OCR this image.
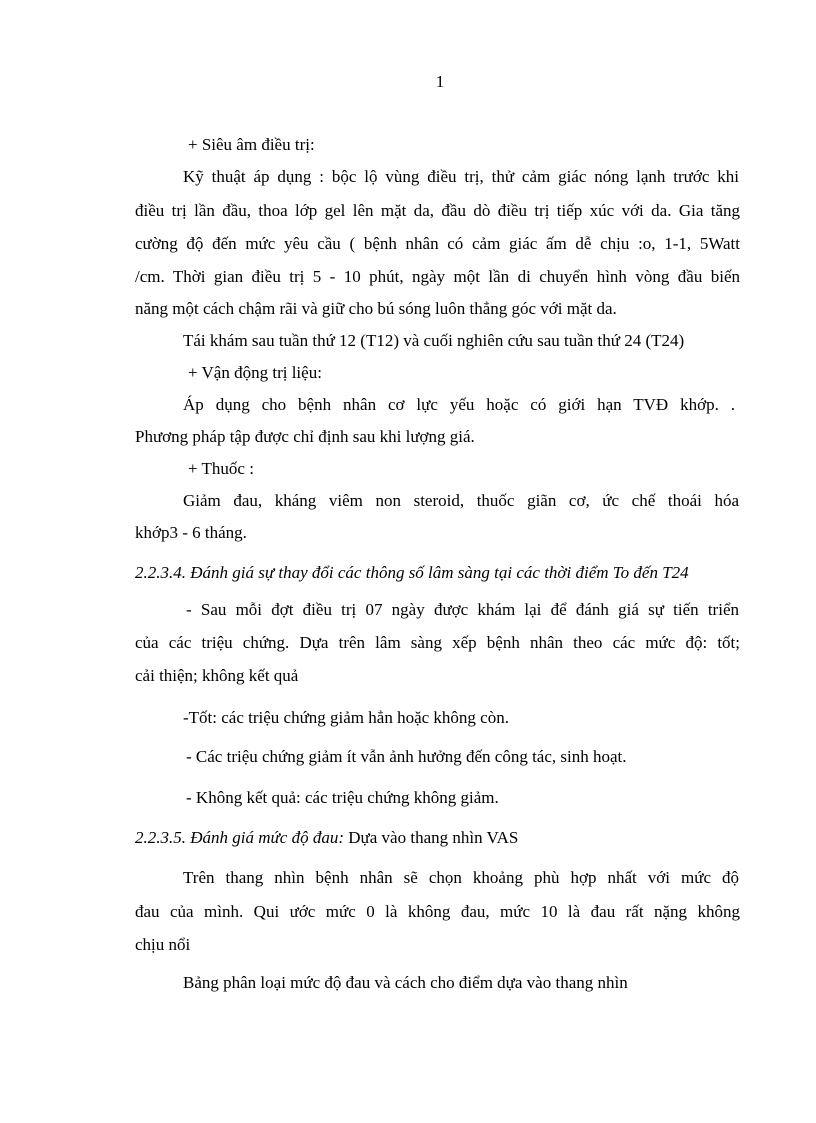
1
+ Siêu âm điều trị:
Kỹ thuật áp dụng : bộc lộ vùng điều trị, thử cảm giác nóng lạnh trước khi
điều trị lần đầu, thoa lớp gel lên mặt da, đầu dò điều trị tiếp xúc với da. Gia tăng
cường độ đến mức yêu cầu ( bệnh nhân có cảm giác ấm dễ chịu :o, 1-1, 5Watt
/cm. Thời gian điều trị 5 - 10 phút, ngày một lần di chuyển hình vòng đầu biến
năng một cách chậm rãi và giữ cho bú sóng luôn thẳng góc với mặt da.
Tái khám sau tuần thứ 12 (T12) và cuối nghiên cứu sau tuần thứ 24 (T24)
+ Vận động trị liệu:
Áp dụng cho bệnh nhân cơ lực yếu hoặc có giới hạn TVĐ khớp. .
Phương pháp tập được chỉ định sau khi lượng giá.
+ Thuốc :
Giảm đau, kháng viêm non steroid, thuốc giãn cơ, ức chế thoái hóa
khớp3 - 6 tháng.
2.2.3.4. Đánh giá sự thay đổi các thông số lâm sàng tại các thời điểm To đến T24
- Sau mỗi đợt điều trị 07 ngày được khám lại để đánh giá sự tiến triển
của các triệu chứng. Dựa trên lâm sàng xếp bệnh nhân theo các mức độ: tốt;
cải thiện; không kết quả
-Tốt: các triệu chứng giảm hẳn hoặc không còn.
- Các triệu chứng giảm ít vẫn ảnh hưởng đến công tác, sinh hoạt.
- Không kết quả: các triệu chứng không giảm.
2.2.3.5. Đánh giá mức độ đau: Dựa vào thang nhìn VAS
Trên thang nhìn bệnh nhân sẽ chọn khoảng phù hợp nhất với mức độ
đau của mình. Qui ước mức 0 là không đau, mức 10 là đau rất nặng không
chịu nổi
Bảng phân loại mức độ đau và cách cho điểm dựa vào thang nhìn
